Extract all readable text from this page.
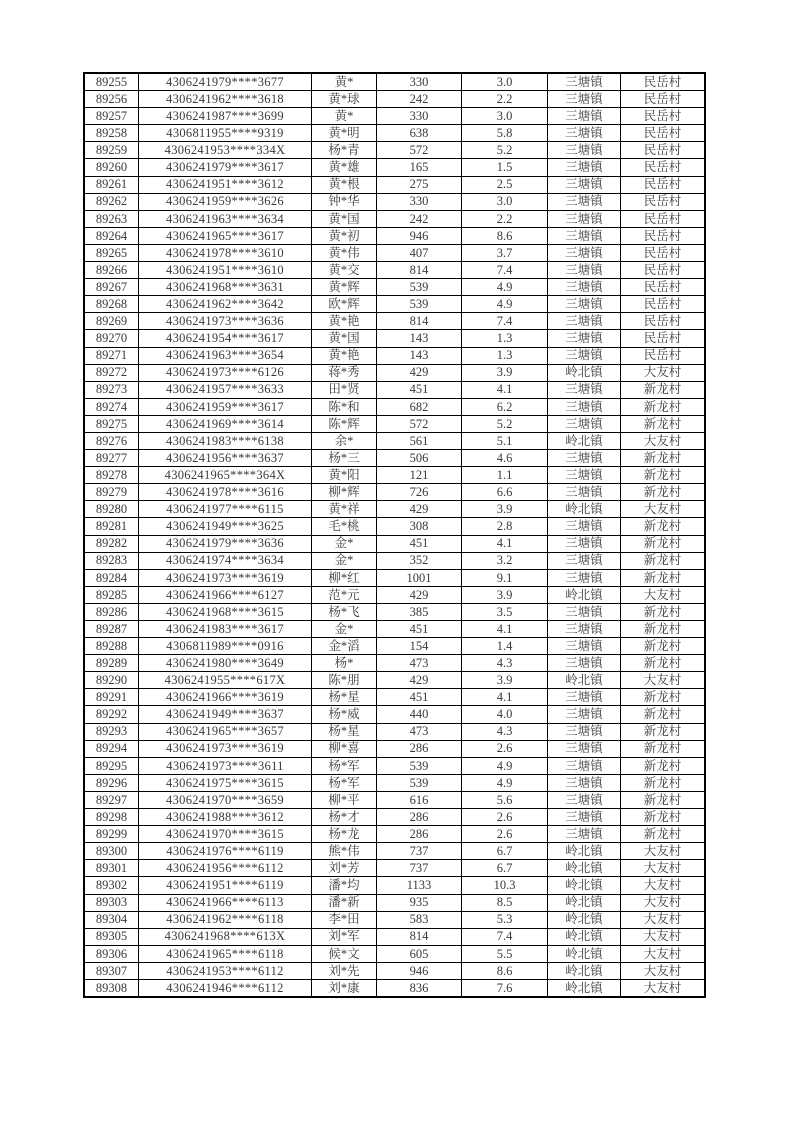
89255	4306241979****3677	黄*	330	3.0	三塘镇	民岳村
89256	4306241962****3618	黄*球	242	2.2	三塘镇	民岳村
89257	4306241987****3699	黄*	330	3.0	三塘镇	民岳村
89258	4306811955****9319	黄*明	638	5.8	三塘镇	民岳村
89259	4306241953****334X	杨*青	572	5.2	三塘镇	民岳村
89260	4306241979****3617	黄*雄	165	1.5	三塘镇	民岳村
89261	4306241951****3612	黄*根	275	2.5	三塘镇	民岳村
89262	4306241959****3626	钟*华	330	3.0	三塘镇	民岳村
89263	4306241963****3634	黄*国	242	2.2	三塘镇	民岳村
89264	4306241965****3617	黄*初	946	8.6	三塘镇	民岳村
89265	4306241978****3610	黄*伟	407	3.7	三塘镇	民岳村
89266	4306241951****3610	黄*交	814	7.4	三塘镇	民岳村
89267	4306241968****3631	黄*辉	539	4.9	三塘镇	民岳村
89268	4306241962****3642	欧*辉	539	4.9	三塘镇	民岳村
89269	4306241973****3636	黄*艳	814	7.4	三塘镇	民岳村
89270	4306241954****3617	黄*国	143	1.3	三塘镇	民岳村
89271	4306241963****3654	黄*艳	143	1.3	三塘镇	民岳村
89272	4306241973****6126	蒋*秀	429	3.9	岭北镇	大友村
89273	4306241957****3633	田*贤	451	4.1	三塘镇	新龙村
89274	4306241959****3617	陈*和	682	6.2	三塘镇	新龙村
89275	4306241969****3614	陈*辉	572	5.2	三塘镇	新龙村
89276	4306241983****6138	余*	561	5.1	岭北镇	大友村
89277	4306241956****3637	杨*三	506	4.6	三塘镇	新龙村
89278	4306241965****364X	黄*阳	121	1.1	三塘镇	新龙村
89279	4306241978****3616	柳*辉	726	6.6	三塘镇	新龙村
89280	4306241977****6115	黄*祥	429	3.9	岭北镇	大友村
89281	4306241949****3625	毛*桃	308	2.8	三塘镇	新龙村
89282	4306241979****3636	金*	451	4.1	三塘镇	新龙村
89283	4306241974****3634	金*	352	3.2	三塘镇	新龙村
89284	4306241973****3619	柳*红	1001	9.1	三塘镇	新龙村
89285	4306241966****6127	范*元	429	3.9	岭北镇	大友村
89286	4306241968****3615	杨*飞	385	3.5	三塘镇	新龙村
89287	4306241983****3617	金*	451	4.1	三塘镇	新龙村
89288	4306811989****0916	金*滔	154	1.4	三塘镇	新龙村
89289	4306241980****3649	杨*	473	4.3	三塘镇	新龙村
89290	4306241955****617X	陈*朋	429	3.9	岭北镇	大友村
89291	4306241966****3619	杨*星	451	4.1	三塘镇	新龙村
89292	4306241949****3637	杨*威	440	4.0	三塘镇	新龙村
89293	4306241965****3657	杨*星	473	4.3	三塘镇	新龙村
89294	4306241973****3619	柳*喜	286	2.6	三塘镇	新龙村
89295	4306241973****3611	杨*军	539	4.9	三塘镇	新龙村
89296	4306241975****3615	杨*军	539	4.9	三塘镇	新龙村
89297	4306241970****3659	柳*平	616	5.6	三塘镇	新龙村
89298	4306241988****3612	杨*才	286	2.6	三塘镇	新龙村
89299	4306241970****3615	杨*龙	286	2.6	三塘镇	新龙村
89300	4306241976****6119	熊*伟	737	6.7	岭北镇	大友村
89301	4306241956****6112	刘*芳	737	6.7	岭北镇	大友村
89302	4306241951****6119	潘*均	1133	10.3	岭北镇	大友村
89303	4306241966****6113	潘*新	935	8.5	岭北镇	大友村
89304	4306241962****6118	李*田	583	5.3	岭北镇	大友村
89305	4306241968****613X	刘*军	814	7.4	岭北镇	大友村
89306	4306241965****6118	候*文	605	5.5	岭北镇	大友村
89307	4306241953****6112	刘*先	946	8.6	岭北镇	大友村
89308	4306241946****6112	刘*康	836	7.6	岭北镇	大友村
